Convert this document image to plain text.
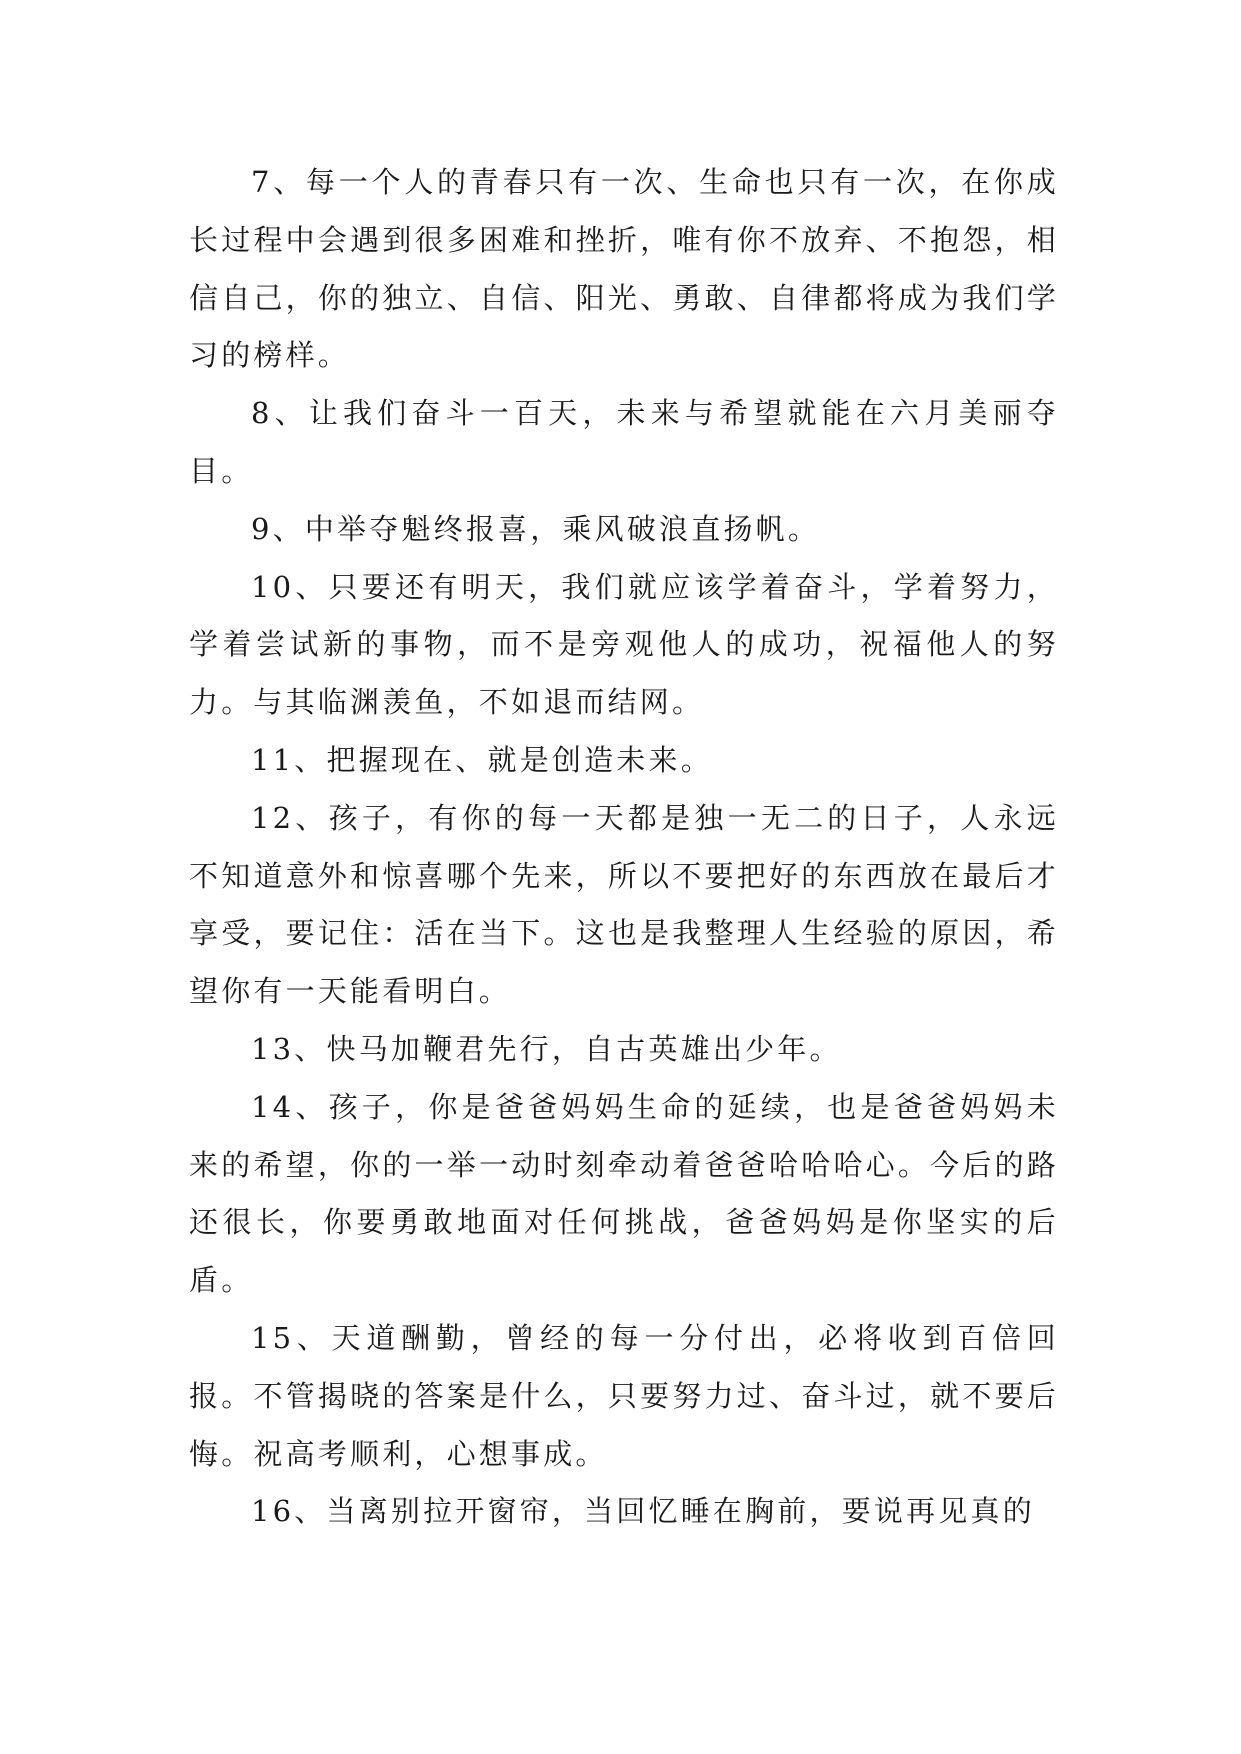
7、每一个人的青春只有一次、生命也只有一次，在你成长过程中会遇到很多困难和挫折，唯有你不放弃、不抱怨，相信自己，你的独立、自信、阳光、勇敢、自律都将成为我们学习的榜样。

8、让我们奋斗一百天，未来与希望就能在六月美丽夺目。

9、中举夺魁终报喜，乘风破浪直扬帆。

10、只要还有明天，我们就应该学着奋斗，学着努力，学着尝试新的事物，而不是旁观他人的成功，祝福他人的努力。与其临渊羡鱼，不如退而结网。

11、把握现在、就是创造未来。

12、孩子，有你的每一天都是独一无二的日子，人永远不知道意外和惊喜哪个先来，所以不要把好的东西放在最后才享受，要记住：活在当下。这也是我整理人生经验的原因，希望你有一天能看明白。

13、快马加鞭君先行，自古英雄出少年。

14、孩子，你是爸爸妈妈生命的延续，也是爸爸妈妈未来的希望，你的一举一动时刻牵动着爸爸哈哈哈心。今后的路还很长，你要勇敢地面对任何挑战，爸爸妈妈是你坚实的后盾。

15、天道酬勤，曾经的每一分付出，必将收到百倍回报。不管揭晓的答案是什么，只要努力过、奋斗过，就不要后悔。祝高考顺利，心想事成。

16、当离别拉开窗帘，当回忆睡在胸前，要说再见真的
